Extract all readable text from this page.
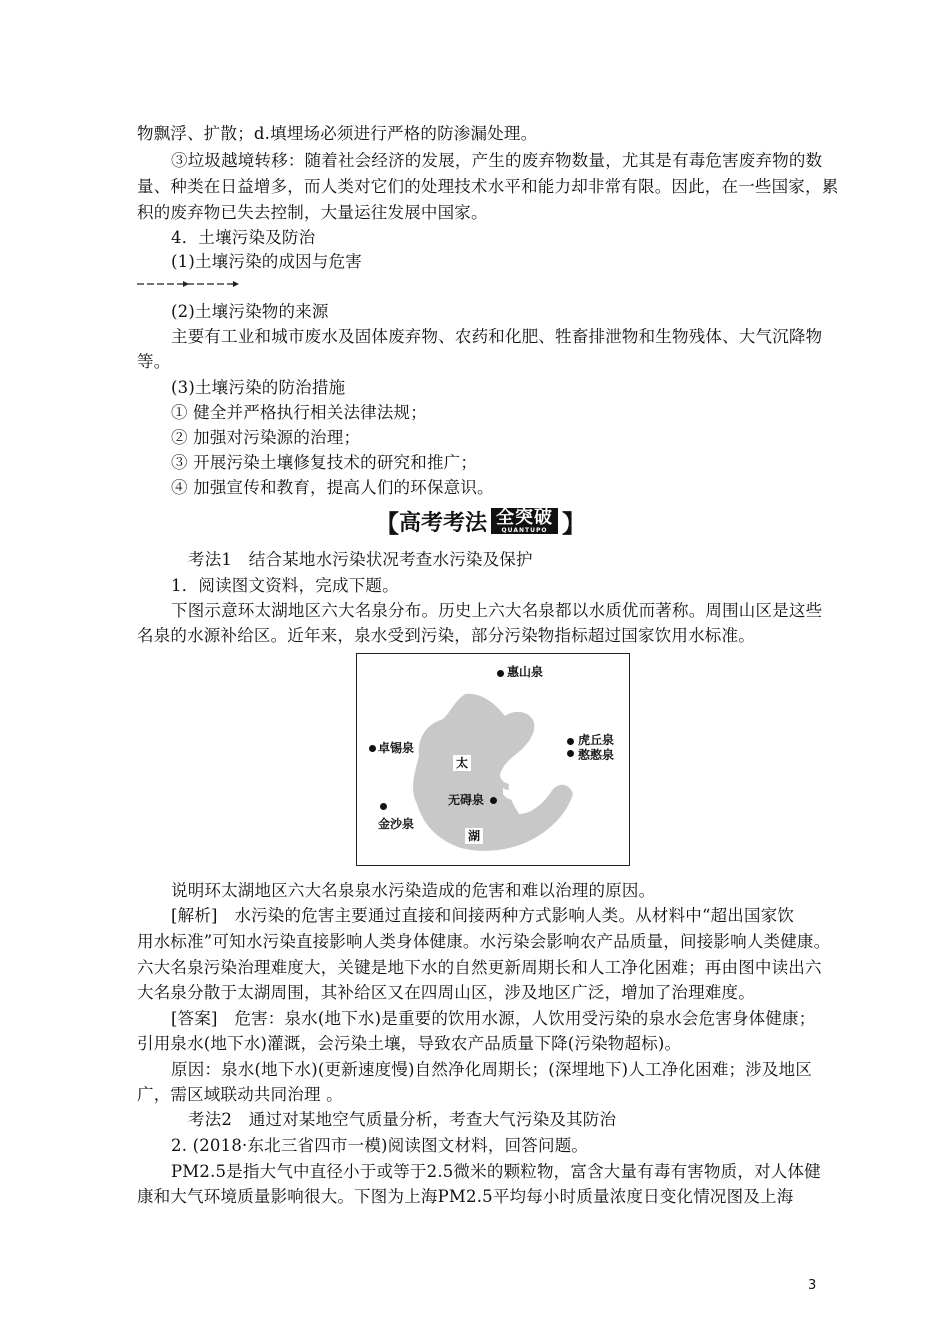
物飘浮、扩散；d.填埋场必须进行严格的防渗漏处理。
③垃圾越境转移：随着社会经济的发展，产生的废弃物数量，尤其是有毒危害废弃物的数
量、种类在日益增多，而人类对它们的处理技术水平和能力却非常有限。因此，在一些国家，累
积的废弃物已失去控制，大量运往发展中国家。
4．土壤污染及防治
(1)土壤污染的成因与危害
(2)土壤污染物的来源
主要有工业和城市废水及固体废弃物、农药和化肥、牲畜排泄物和生物残体、大气沉降物
等。
(3)土壤污染的防治措施
① 健全并严格执行相关法律法规；
② 加强对污染源的治理；
③ 开展污染土壤修复技术的研究和推广；
④ 加强宣传和教育，提高人们的环保意识。
【 高考考法 全突破
QUANTUPO 】
考法1　结合某地水污染状况考查水污染及保护
1．阅读图文资料，完成下题。
下图示意环太湖地区六大名泉分布。历史上六大名泉都以水质优而著称。周围山区是这些
名泉的水源补给区。近年来，泉水受到污染，部分污染物指标超过国家饮用水标准。
惠山泉
卓锡泉
虎丘泉
憨憨泉
太
无碍泉
金沙泉
湖
说明环太湖地区六大名泉泉水污染造成的危害和难以治理的原因。
[解析]　水污染的危害主要通过直接和间接两种方式影响人类。从材料中“超出国家饮
用水标准”可知水污染直接影响人类身体健康。水污染会影响农产品质量，间接影响人类健康。
六大名泉污染治理难度大，关键是地下水的自然更新周期长和人工净化困难；再由图中读出六
大名泉分散于太湖周围，其补给区又在四周山区，涉及地区广泛，增加了治理难度。
[答案]　危害：泉水(地下水)是重要的饮用水源，人饮用受污染的泉水会危害身体健康；
引用泉水(地下水)灌溉，会污染土壤，导致农产品质量下降(污染物超标)。
原因：泉水(地下水)(更新速度慢)自然净化周期长；(深埋地下)人工净化困难；涉及地区
广，需区域联动共同治理 。
考法2　通过对某地空气质量分析，考查大气污染及其防治
2. (2018·东北三省四市一模)阅读图文材料，回答问题。
PM2.5是指大气中直径小于或等于2.5微米的颗粒物，富含大量有毒有害物质，对人体健
康和大气环境质量影响很大。下图为上海PM2.5平均每小时质量浓度日变化情况图及上海
3
